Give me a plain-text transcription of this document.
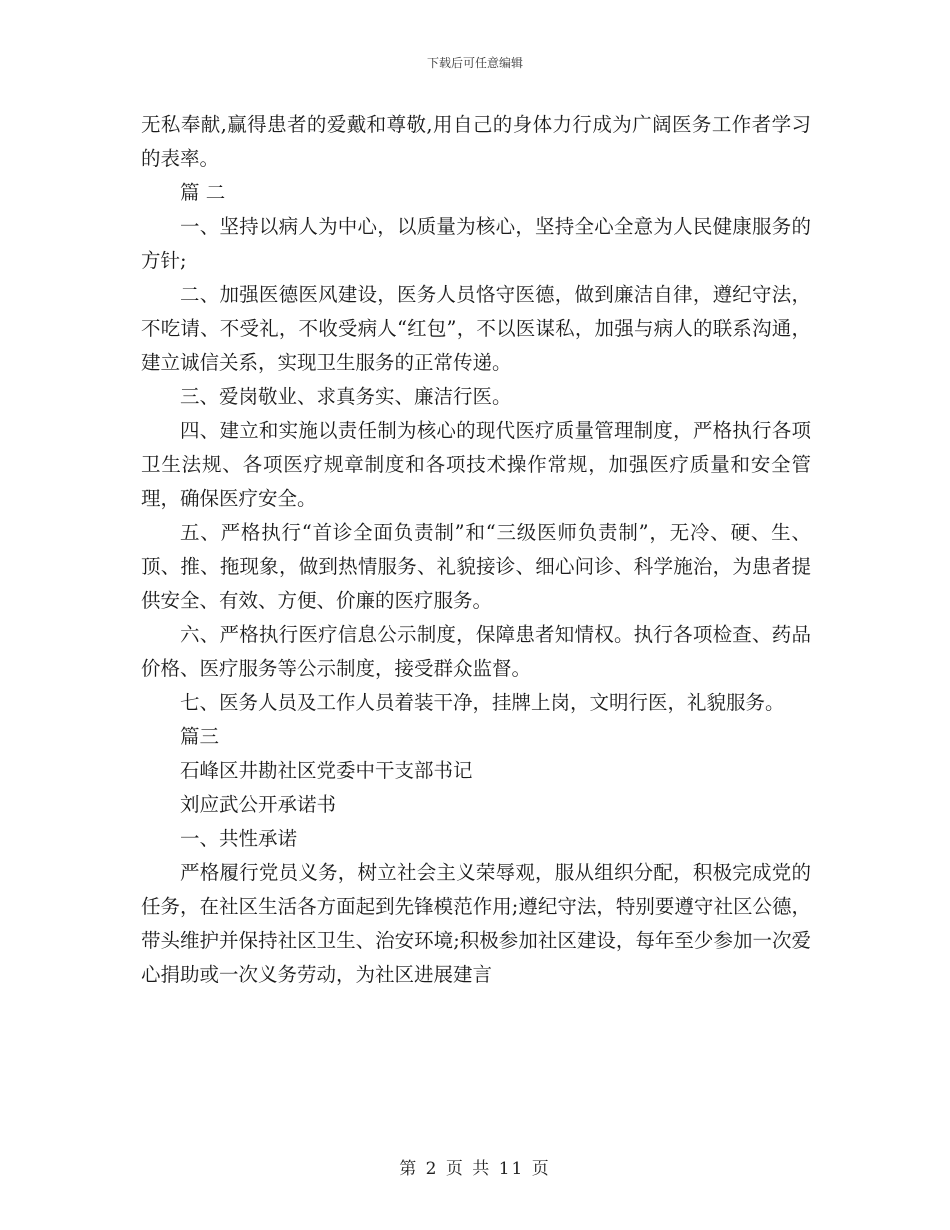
下载后可任意编辑

无私奉献,赢得患者的爱戴和尊敬,用自己的身体力行成为广阔医务工作者学习的表率。

篇 二

一、坚持以病人为中心，以质量为核心，坚持全心全意为人民健康服务的方针;

二、加强医德医风建设，医务人员恪守医德，做到廉洁自律，遵纪守法，不吃请、不受礼，不收受病人“红包”，不以医谋私，加强与病人的联系沟通，建立诚信关系，实现卫生服务的正常传递。

三、爱岗敬业、求真务实、廉洁行医。

四、建立和实施以责任制为核心的现代医疗质量管理制度，严格执行各项卫生法规、各项医疗规章制度和各项技术操作常规，加强医疗质量和安全管理，确保医疗安全。

五、严格执行“首诊全面负责制”和“三级医师负责制”，无冷、硬、生、顶、推、拖现象，做到热情服务、礼貌接诊、细心问诊、科学施治，为患者提供安全、有效、方便、价廉的医疗服务。

六、严格执行医疗信息公示制度，保障患者知情权。执行各项检查、药品价格、医疗服务等公示制度，接受群众监督。

七、医务人员及工作人员着装干净，挂牌上岗，文明行医，礼貌服务。

篇三

石峰区井勘社区党委中干支部书记

刘应武公开承诺书

一、共性承诺

严格履行党员义务，树立社会主义荣辱观，服从组织分配，积极完成党的任务，在社区生活各方面起到先锋模范作用;遵纪守法，特别要遵守社区公德，带头维护并保持社区卫生、治安环境;积极参加社区建设，每年至少参加一次爱心捐助或一次义务劳动，为社区进展建言

第 2 页 共 11 页
